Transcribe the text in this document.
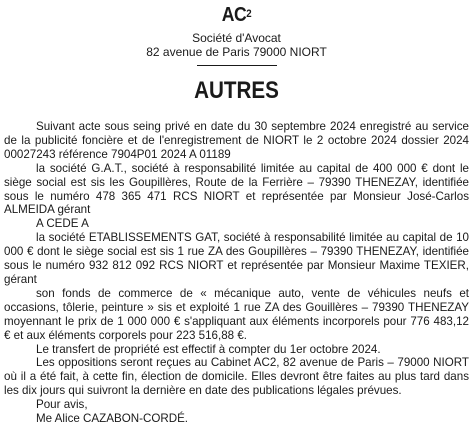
$AC^2$
Société d'Avocat
82 avenue de Paris 79000 NIORT
AUTRES

Suivant acte sous seing privé en date du 30 septembre 2024 enregistré au service de la publicité foncière et de l'enregistrement de NIORT le 2 octobre 2024 dossier 2024 00027243 référence 7904P01 2024 A 01189

la société G.A.T., société à responsabilité limitée au capital de 400 000 € dont le siège social est sis les Goupillères, Route de la Ferrière – 79390 THENEZAY, identifiée sous le numéro 478 365 471 RCS NIORT et représentée par Monsieur José-Carlos ALMEIDA gérant

A CEDE A

la société ETABLISSEMENTS GAT, société à responsabilité limitée au capital de 10 000 € dont le siège social est sis 1 rue ZA des Goupillères – 79390 THENEZAY, identifiée sous le numéro 932 812 092 RCS NIORT et représentée par Monsieur Maxime TEXIER, gérant

son fonds de commerce de « mécanique auto, vente de véhicules neufs et occasions, tôlerie, peinture » sis et exploité 1 rue ZA des Gouillères – 79390 THENEZAY moyennant le prix de 1 000 000 € s'appliquant aux éléments incorporels pour 776 483,12 € et aux éléments corporels pour 223 516,88 €.

Le transfert de propriété est effectif à compter du 1er octobre 2024.

Les oppositions seront reçues au Cabinet AC2, 82 avenue de Paris – 79000 NIORT où il a été fait, à cette fin, élection de domicile. Elles devront être faites au plus tard dans les dix jours qui suivront la dernière en date des publications légales prévues.

Pour avis,

Me Alice CAZABON-CORDÉ.
